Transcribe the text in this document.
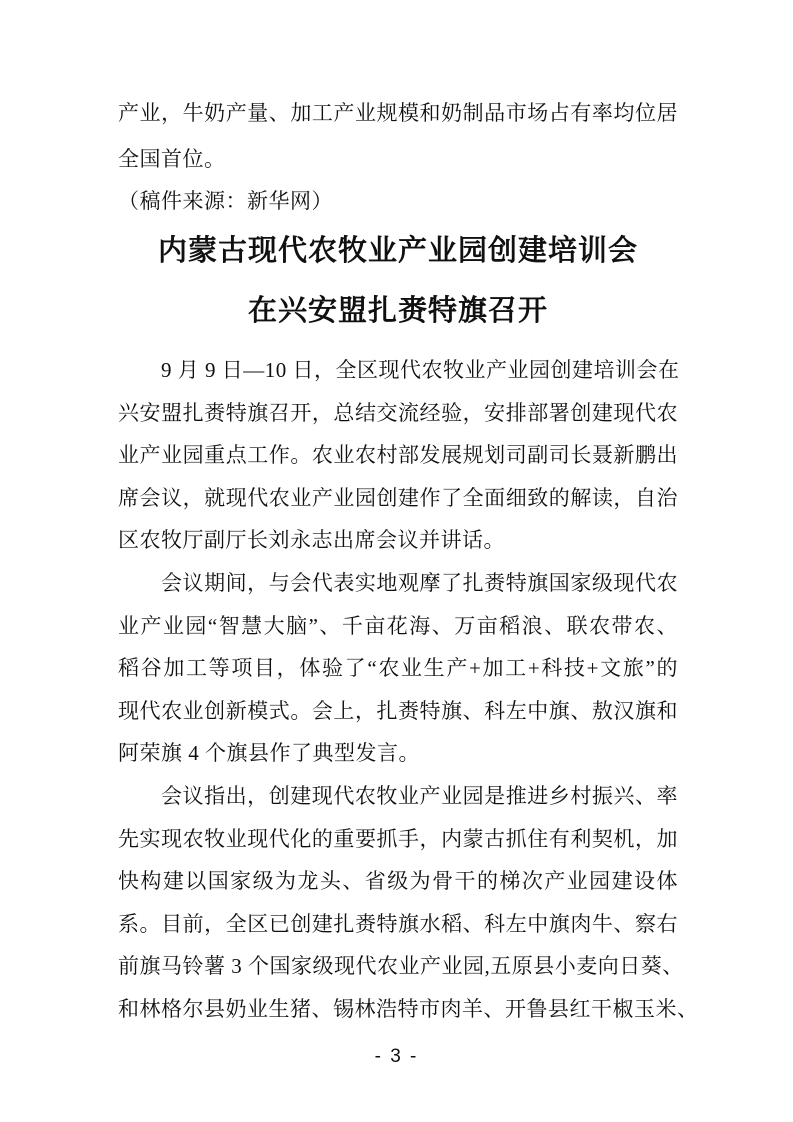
产业，牛奶产量、加工产业规模和奶制品市场占有率均位居
全国首位。
（稿件来源：新华网）
内蒙古现代农牧业产业园创建培训会
在兴安盟扎赉特旗召开
9 月 9 日—10 日，全区现代农牧业产业园创建培训会在
兴安盟扎赉特旗召开，总结交流经验，安排部署创建现代农
业产业园重点工作。农业农村部发展规划司副司长聂新鹏出
席会议，就现代农业产业园创建作了全面细致的解读，自治
区农牧厅副厅长刘永志出席会议并讲话。
会议期间，与会代表实地观摩了扎赉特旗国家级现代农
业产业园“智慧大脑”、千亩花海、万亩稻浪、联农带农、
稻谷加工等项目，体验了“农业生产+加工+科技+文旅”的
现代农业创新模式。会上，扎赉特旗、科左中旗、敖汉旗和
阿荣旗 4 个旗县作了典型发言。
会议指出，创建现代农牧业产业园是推进乡村振兴、率
先实现农牧业现代化的重要抓手，内蒙古抓住有利契机，加
快构建以国家级为龙头、省级为骨干的梯次产业园建设体
系。目前，全区已创建扎赉特旗水稻、科左中旗肉牛、察右
前旗马铃薯 3 个国家级现代农业产业园,五原县小麦向日葵、
和林格尔县奶业生猪、锡林浩特市肉羊、开鲁县红干椒玉米、
- 3 -
